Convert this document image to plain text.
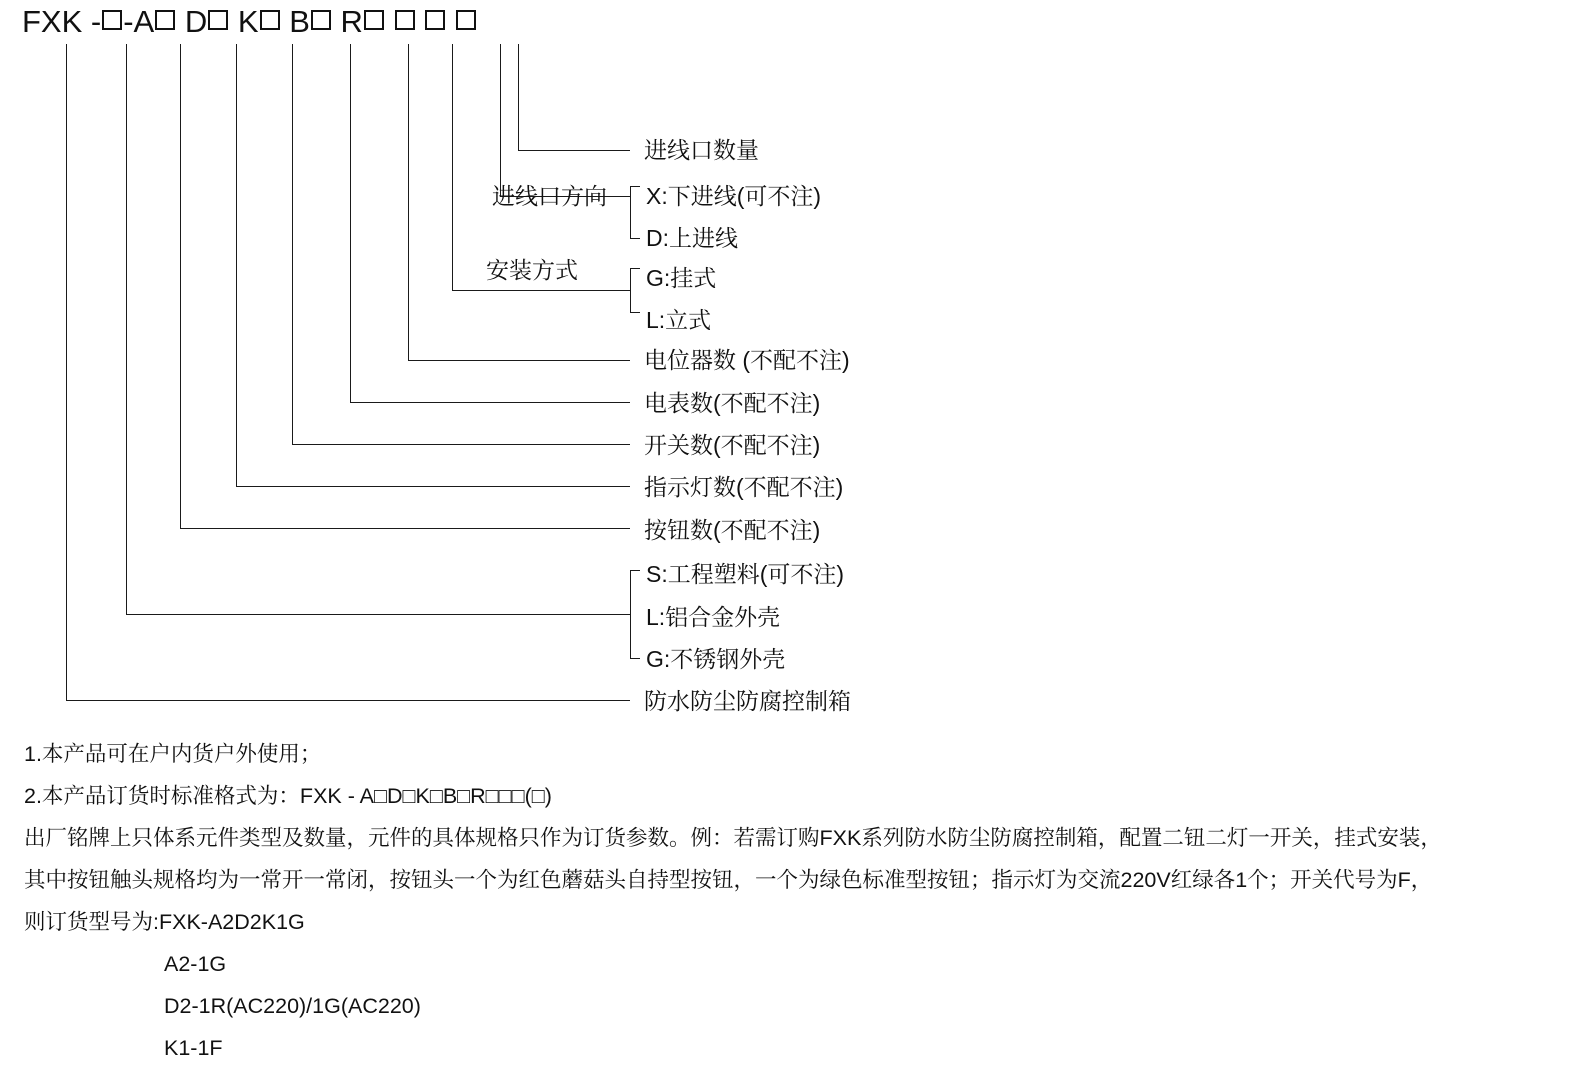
FXK - -A D K B R
进线口数量
进线口方向 X:下进线(可不注)
D:上进线
安装方式	G:挂式
L:立式
电位器数 (不配不注)
电表数(不配不注)
开关数(不配不注)
指示灯数(不配不注)
按钮数(不配不注)
S:工程塑料(可不注)
L:铝合金外壳
G:不锈钢外壳
防水防尘防腐控制箱

1.本产品可在户内货户外使用；

2.本产品订货时标准格式为：FXK - A□D□K□B□R□□□(□)

出厂铭牌上只体系元件类型及数量，元件的具体规格只作为订货参数。例：若需订购FXK系列防水防尘防腐控制箱，配置二钮二灯一开关，挂式安装，

其中按钮触头规格均为一常开一常闭，按钮头一个为红色蘑菇头自持型按钮，一个为绿色标准型按钮；指示灯为交流220V红绿各1个；开关代号为F，

则订货型号为:FXK-A2D2K1G

A2-1G

D2-1R(AC220)/1G(AC220)

K1-1F
